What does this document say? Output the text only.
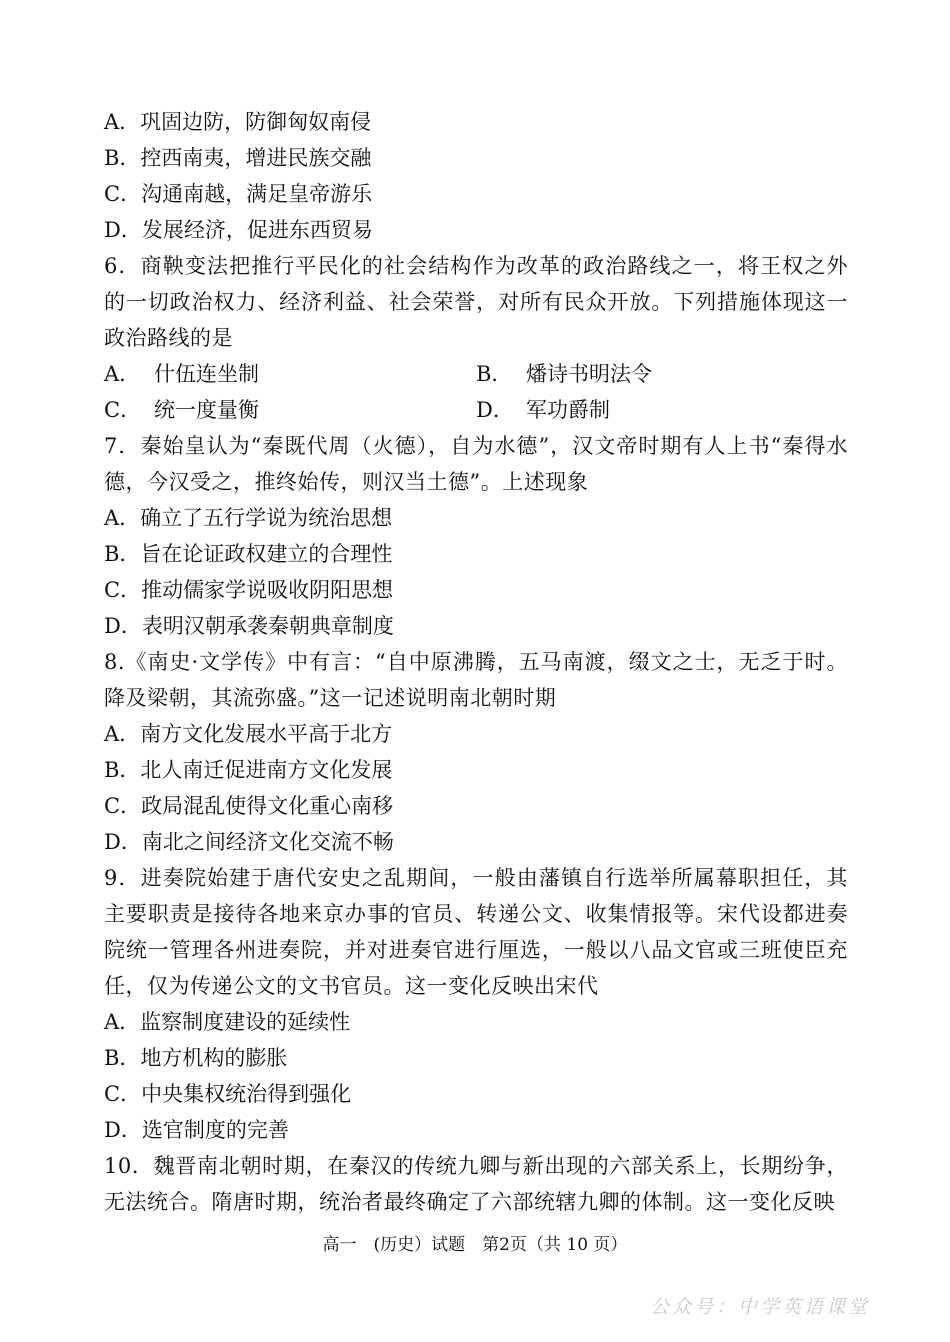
A．巩固边防，防御匈奴南侵
B．控西南夷，增进民族交融
C．沟通南越，满足皇帝游乐
D．发展经济，促进东西贸易
6．商鞅变法把推行平民化的社会结构作为改革的政治路线之一，将王权之外的一切政治权力、经济利益、社会荣誉，对所有民众开放。下列措施体现这一政治路线的是
A． 什伍连坐制	B． 燔诗书明法令
C． 统一度量衡	D． 军功爵制
7．秦始皇认为“秦既代周（火德），自为水德”，汉文帝时期有人上书“秦得水德，今汉受之，推终始传，则汉当土德”。上述现象
A．确立了五行学说为统治思想
B．旨在论证政权建立的合理性
C．推动儒家学说吸收阴阳思想
D．表明汉朝承袭秦朝典章制度
8.《南史·文学传》中有言：“自中原沸腾，五马南渡，缀文之士，无乏于时。降及梁朝，其流弥盛。”这一记述说明南北朝时期
A．南方文化发展水平高于北方
B．北人南迁促进南方文化发展
C．政局混乱使得文化重心南移
D．南北之间经济文化交流不畅
9．进奏院始建于唐代安史之乱期间，一般由藩镇自行选举所属幕职担任，其主要职责是接待各地来京办事的官员、转递公文、收集情报等。宋代设都进奏院统一管理各州进奏院，并对进奏官进行厘选，一般以八品文官或三班使臣充任，仅为传递公文的文书官员。这一变化反映出宋代
A．监察制度建设的延续性
B．地方机构的膨胀
C．中央集权统治得到强化
D．选官制度的完善
10．魏晋南北朝时期，在秦汉的传统九卿与新出现的六部关系上，长期纷争，无法统合。隋唐时期，统治者最终确定了六部统辖九卿的体制。这一变化反映
高一　(历史）试题　第2页（共 10 页）
公众号：中学英语课堂
